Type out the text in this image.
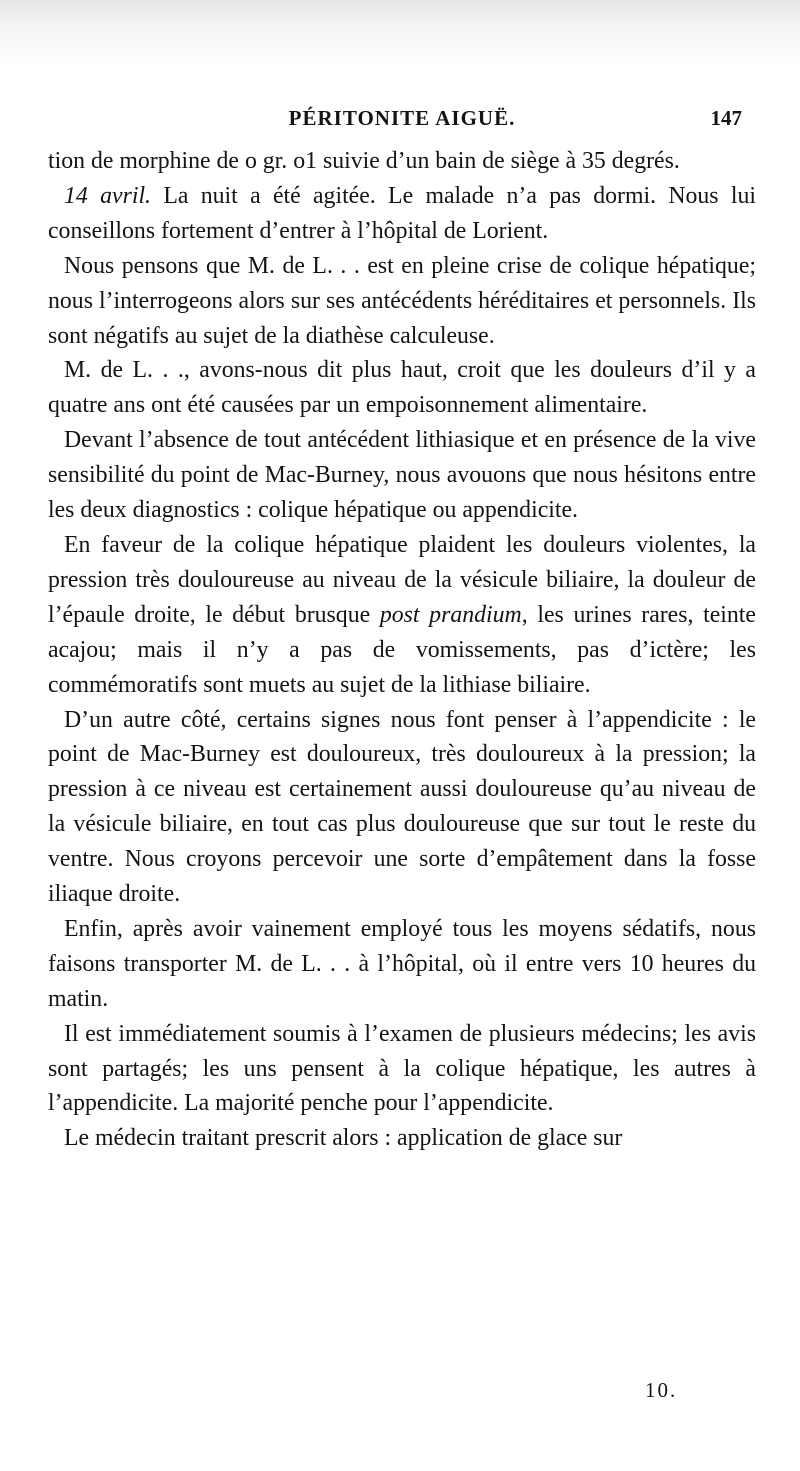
PÉRITONITE AIGUË.	147

tion de morphine de o gr. o1 suivie d’un bain de siège à 35 degrés.

14 avril. La nuit a été agitée. Le malade n’a pas dormi. Nous lui conseillons fortement d’entrer à l’hôpital de Lorient.

Nous pensons que M. de L. . . est en pleine crise de colique hépatique; nous l’interrogeons alors sur ses antécédents héréditaires et personnels. Ils sont négatifs au sujet de la diathèse calculeuse.

M. de L. . ., avons-nous dit plus haut, croit que les douleurs d’il y a quatre ans ont été causées par un empoisonnement alimentaire.

Devant l’absence de tout antécédent lithiasique et en présence de la vive sensibilité du point de Mac-Burney, nous avouons que nous hésitons entre les deux diagnostics : colique hépatique ou appendicite.

En faveur de la colique hépatique plaident les douleurs violentes, la pression très douloureuse au niveau de la vésicule biliaire, la douleur de l’épaule droite, le début brusque post prandium, les urines rares, teinte acajou; mais il n’y a pas de vomissements, pas d’ictère; les commémoratifs sont muets au sujet de la lithiase biliaire.

D’un autre côté, certains signes nous font penser à l’appendicite : le point de Mac-Burney est douloureux, très douloureux à la pression; la pression à ce niveau est certainement aussi douloureuse qu’au niveau de la vésicule biliaire, en tout cas plus douloureuse que sur tout le reste du ventre. Nous croyons percevoir une sorte d’empâtement dans la fosse iliaque droite.

Enfin, après avoir vainement employé tous les moyens sédatifs, nous faisons transporter M. de L. . . à l’hôpital, où il entre vers 10 heures du matin.

Il est immédiatement soumis à l’examen de plusieurs médecins; les avis sont partagés; les uns pensent à la colique hépatique, les autres à l’appendicite. La majorité penche pour l’appendicite.

Le médecin traitant prescrit alors : application de glace sur

10.
